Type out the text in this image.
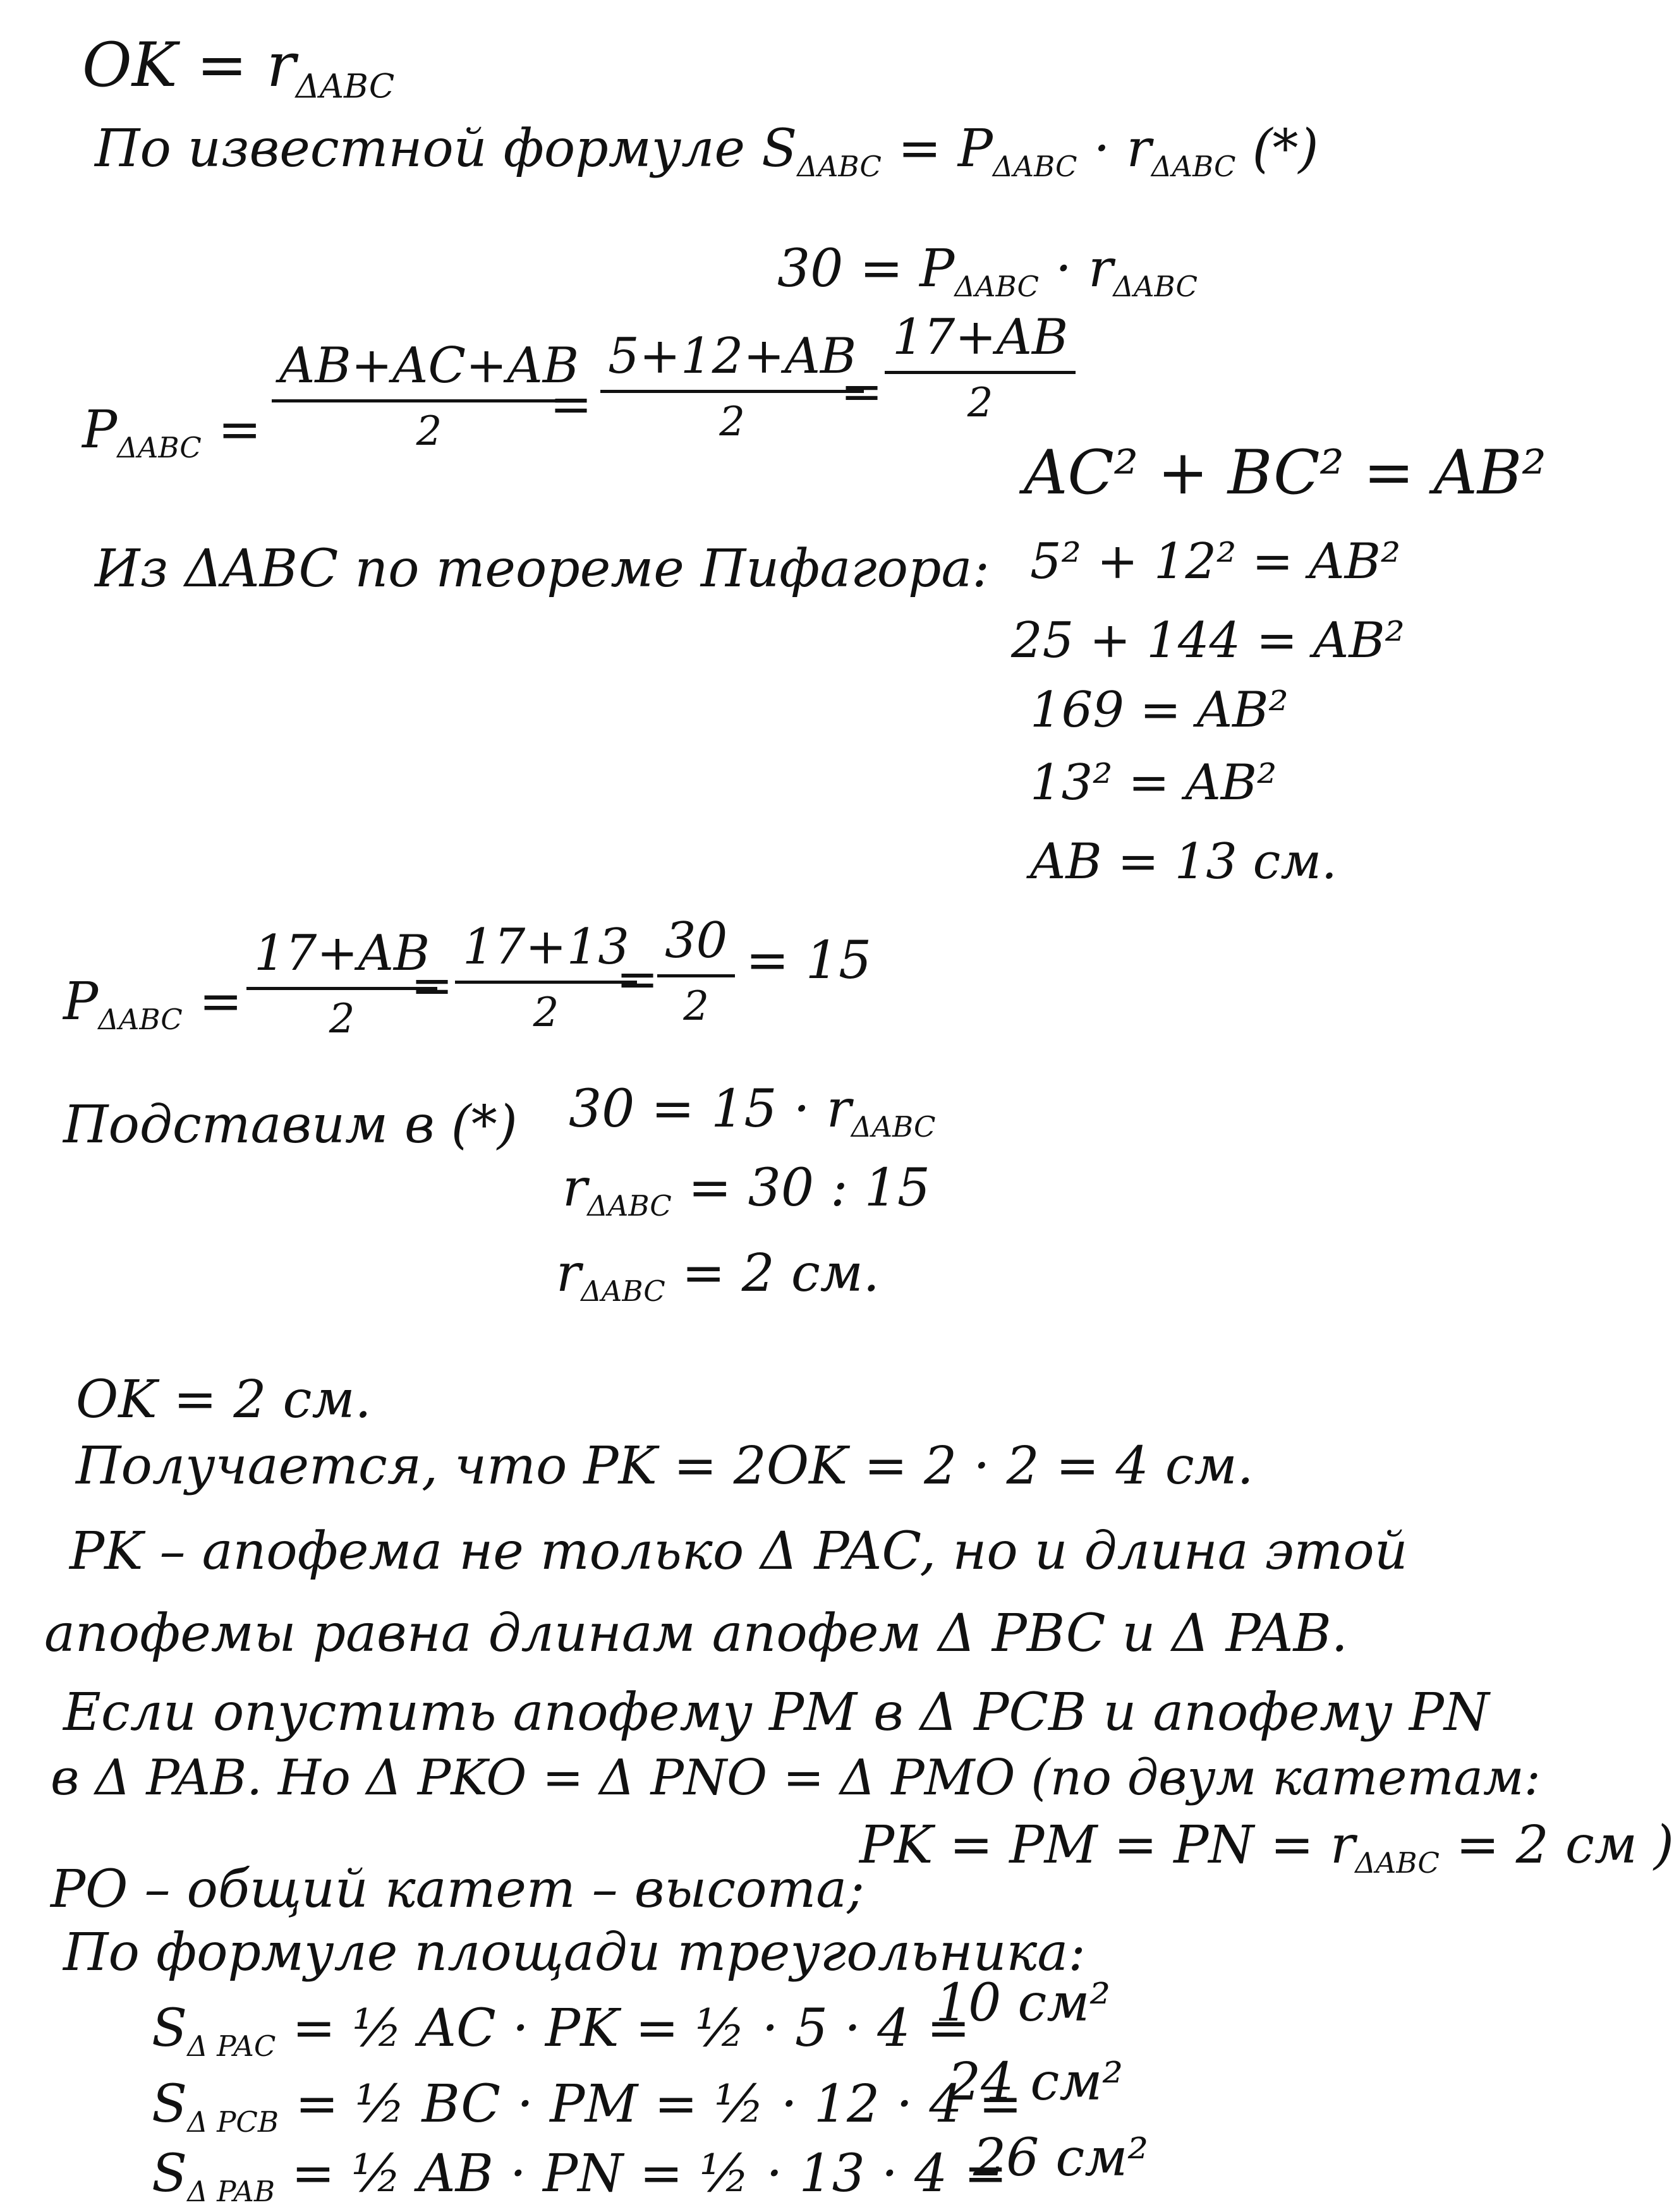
OK = $r_{\Delta ABC}$
По известной формуле $S_{\Delta ABC} = P_{\Delta ABC} \cdot r_{\Delta ABC}$ (*)
$30 = P_{\Delta ABC} \cdot r_{\Delta ABC}$
$P_{\Delta ABC}$ =
AB+AC+AB
2 =
5+12+AB
2
=
17+AB
2
Из ΔABC по теореме Пифагора:
AC² + BC² = AB²
5² + 12² = AB²
25 + 144 = AB²
169 = AB²
13² = AB²
AB = 13 см.
$P_{\Delta ABC}$ =
17+AB
2
=
17+13
2
=
30
2
= 15
Подставим в (*) $30 = 15 \cdot r_{\Delta ABC}$
$r_{\Delta ABC} = 30$ : 15
$r_{\Delta ABC} = 2$ см.
OK = 2 см.
Получается, что PK = 2OK = 2 · 2 = 4 см.
PK – апофема не только Δ PAC, но и длина этой
апофемы равна длинам апофем Δ PBC и Δ PAB.
Если опустить апофему PM в Δ PCB и апофему PN
в Δ PAB. Но Δ PKO = Δ PNO = Δ PMO (по двум катетам:
PK = PM = PN = $r_{\Delta ABC} = 2$ см )
PO – общий катет – высота;
По формуле площади треугольника:
$S_{\Delta PAC}$ = ½ AC · PK = ½ · 5 · 4 =
10 см²
$S_{\Delta PCB}$ = ½ BC · PM = ½ · 12 · 4 =
24 см²
$S_{\Delta PAB}$ = ½ AB · PN = ½ · 13 · 4 =
26 см²
